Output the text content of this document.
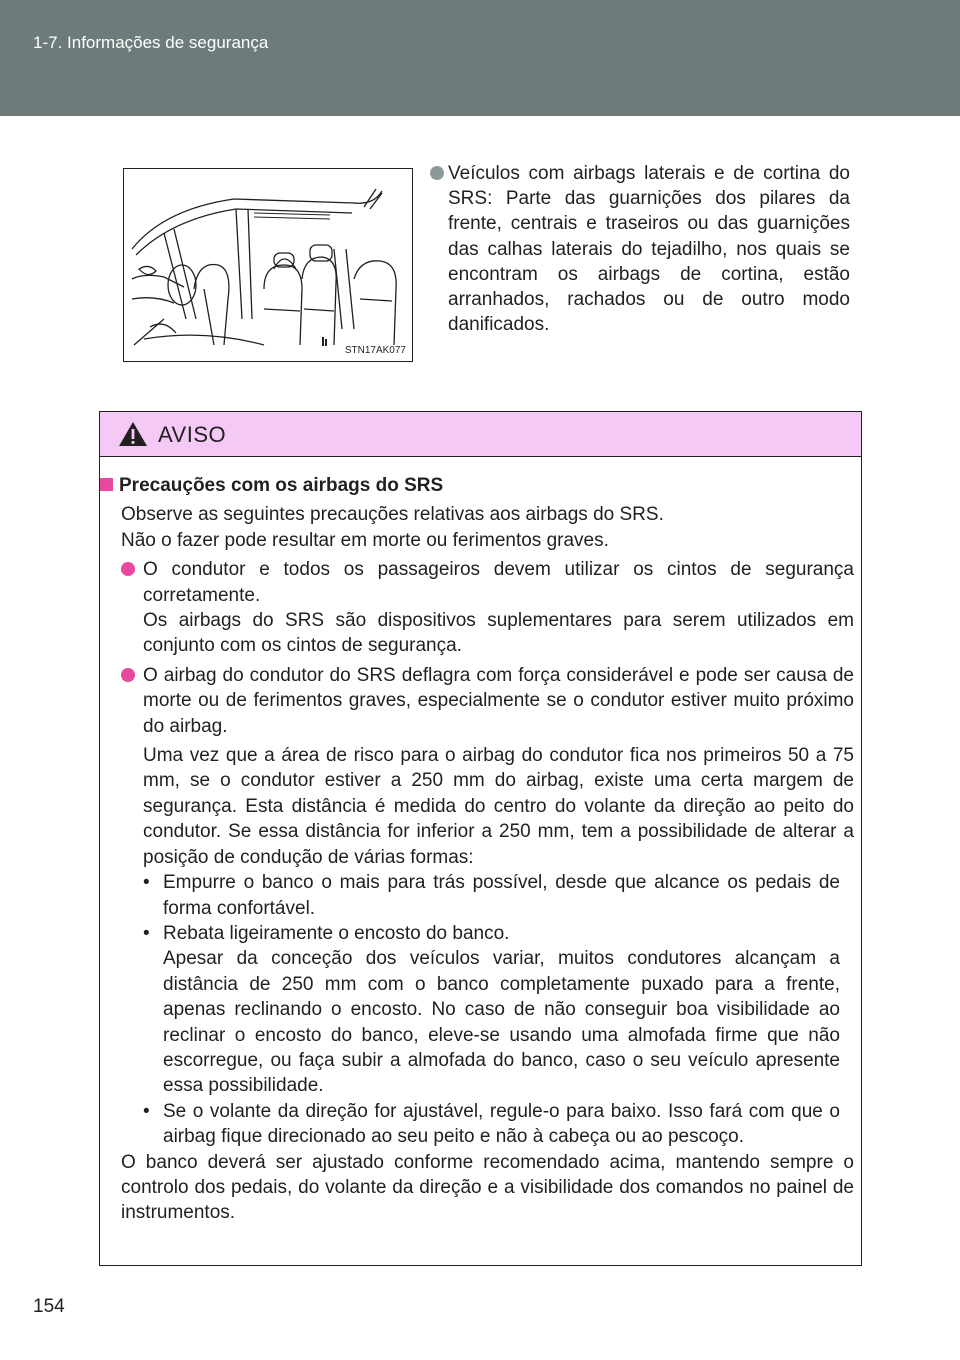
1-7. Informações de segurança
STN17AK077

Veículos com airbags laterais e de cortina do SRS: Parte das guarnições dos pilares da frente, centrais e traseiros ou das guarnições das calhas laterais do tejadilho, nos quais se encontram os airbags de cortina, estão arranhados, rachados ou de outro modo danificados.

AVISO
Precauções com os airbags do SRS

Observe as seguintes precauções relativas aos airbags do SRS.

Não o fazer pode resultar em morte ou ferimentos graves.

O condutor e todos os passageiros devem utilizar os cintos de segurança corretamente.

Os airbags do SRS são dispositivos suplementares para serem utilizados em conjunto com os cintos de segurança.

O airbag do condutor do SRS deflagra com força considerável e pode ser causa de morte ou de ferimentos graves, especialmente se o condutor estiver muito próximo do airbag.

Uma vez que a área de risco para o airbag do condutor fica nos primeiros 50 a 75 mm, se o condutor estiver a 250 mm do airbag, existe uma certa margem de segurança. Esta distância é medida do centro do volante da direção ao peito do condutor. Se essa distância for inferior a 250 mm, tem a possibilidade de alterar a posição de condução de várias formas:

• Empurre o banco o mais para trás possível, desde que alcance os pedais de forma confortável.

• Rebata ligeiramente o encosto do banco.

Apesar da conceção dos veículos variar, muitos condutores alcançam a distância de 250 mm com o banco completamente puxado para a frente, apenas reclinando o encosto. No caso de não conseguir boa visibilidade ao reclinar o encosto do banco, eleve-se usando uma almofada firme que não escorregue, ou faça subir a almofada do banco, caso o seu veículo apresente essa possibilidade.

• Se o volante da direção for ajustável, regule-o para baixo. Isso fará com que o airbag fique direcionado ao seu peito e não à cabeça ou ao pescoço.

O banco deverá ser ajustado conforme recomendado acima, mantendo sempre o controlo dos pedais, do volante da direção e a visibilidade dos comandos no painel de instrumentos.

154
